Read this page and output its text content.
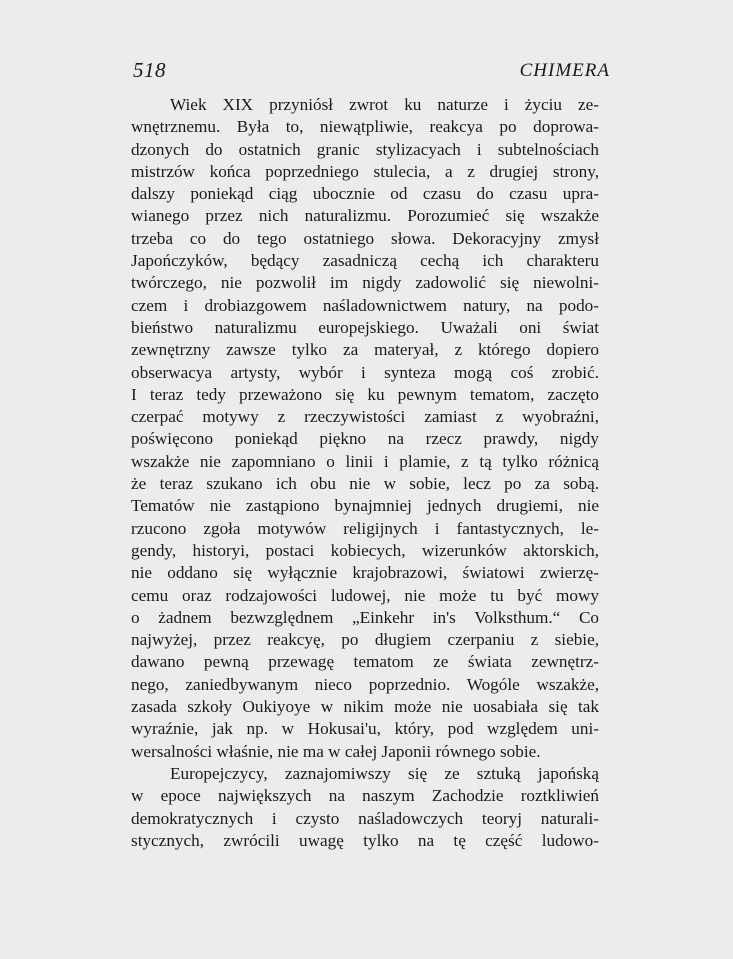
518	CHIMERA
Wiek XIX przyniósł zwrot ku naturze i życiu ze-
wnętrznemu. Była to, niewątpliwie, reakcya po doprowa-
dzonych do ostatnich granic stylizacyach i subtelnościach
mistrzów końca poprzedniego stulecia, a z drugiej strony,
dalszy poniekąd ciąg ubocznie od czasu do czasu upra-
wianego przez nich naturalizmu. Porozumieć się wszakże
trzeba co do tego ostatniego słowa. Dekoracyjny zmysł
Japończyków, będący zasadniczą cechą ich charakteru
twórczego, nie pozwolił im nigdy zadowolić się niewolni-
czem i drobiazgowem naśladownictwem natury, na podo-
bieństwo naturalizmu europejskiego. Uważali oni świat
zewnętrzny zawsze tylko za materyał, z którego dopiero
obserwacya artysty, wybór i synteza mogą coś zrobić.
I teraz tedy przeważono się ku pewnym tematom, zaczęto
czerpać motywy z rzeczywistości zamiast z wyobraźni,
poświęcono poniekąd piękno na rzecz prawdy, nigdy
wszakże nie zapomniano o linii i plamie, z tą tylko różnicą
że teraz szukano ich obu nie w sobie, lecz po za sobą.
Tematów nie zastąpiono bynajmniej jednych drugiemi, nie
rzucono zgoła motywów religijnych i fantastycznych, le-
gendy, historyi, postaci kobiecych, wizerunków aktorskich,
nie oddano się wyłącznie krajobrazowi, światowi zwierzę-
cemu oraz rodzajowości ludowej, nie może tu być mowy
o żadnem bezwzględnem „Einkehr in's Volksthum.“ Co
najwyżej, przez reakcyę, po długiem czerpaniu z siebie,
dawano pewną przewagę tematom ze świata zewnętrz-
nego, zaniedbywanym nieco poprzednio. Wogóle wszakże,
zasada szkoły Oukiyoye w nikim może nie uosabiała się tak
wyraźnie, jak np. w Hokusai'u, który, pod względem uni-
wersalności właśnie, nie ma w całej Japonii równego sobie.
Europejczycy, zaznajomiwszy się ze sztuką japońską
w epoce największych na naszym Zachodzie roztkliwień
demokratycznych i czysto naśladowczych teoryj naturali-
stycznych, zwrócili uwagę tylko na tę część ludowo-
